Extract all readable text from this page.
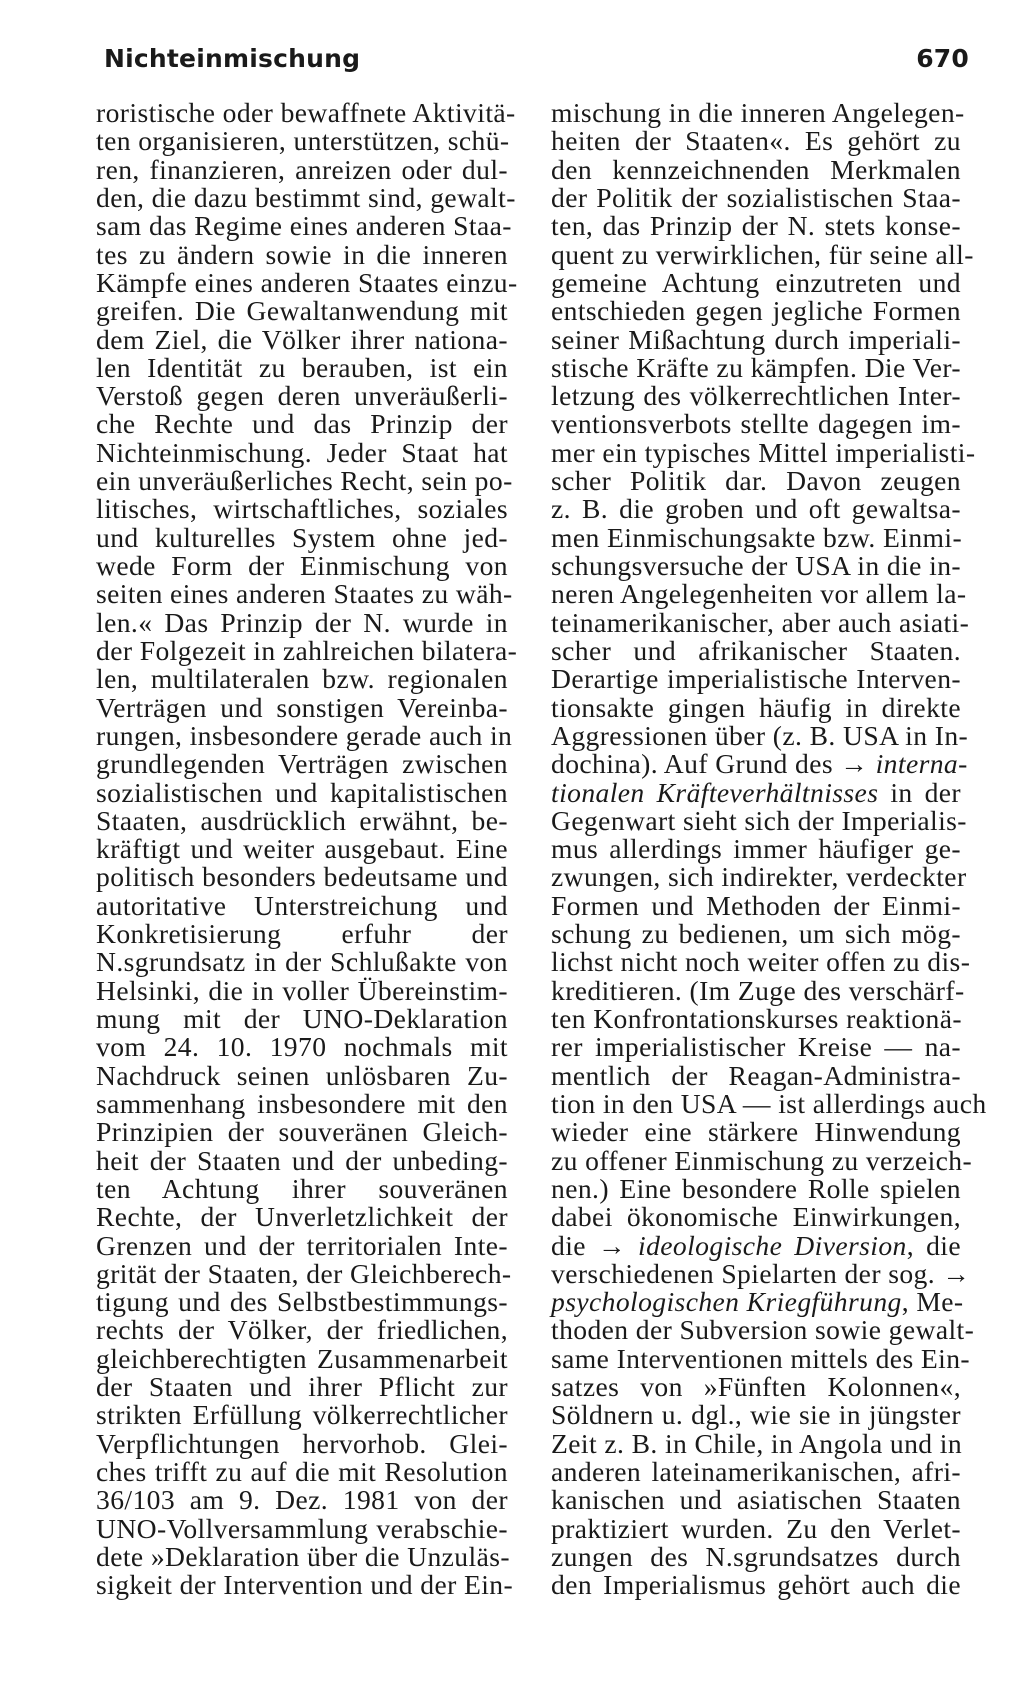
Nichteinmischung	670
roristische oder bewaffnete Aktivitä-
ten organisieren, unterstützen, schü-
ren, finanzieren, anreizen oder dul-
den, die dazu bestimmt sind, gewalt-
sam das Regime eines anderen Staa-
tes zu ändern sowie in die inneren
Kämpfe eines anderen Staates einzu-
greifen. Die Gewaltanwendung mit
dem Ziel, die Völker ihrer nationa-
len Identität zu berauben, ist ein
Verstoß gegen deren unveräußerli-
che Rechte und das Prinzip der
Nichteinmischung. Jeder Staat hat
ein unveräußerliches Recht, sein po-
litisches, wirtschaftliches, soziales
und kulturelles System ohne jed-
wede Form der Einmischung von
seiten eines anderen Staates zu wäh-
len.« Das Prinzip der N. wurde in
der Folgezeit in zahlreichen bilatera-
len, multilateralen bzw. regionalen
Verträgen und sonstigen Vereinba-
rungen, insbesondere gerade auch in
grundlegenden Verträgen zwischen
sozialistischen und kapitalistischen
Staaten, ausdrücklich erwähnt, be-
kräftigt und weiter ausgebaut. Eine
politisch besonders bedeutsame und
autoritative Unterstreichung und
Konkretisierung erfuhr der
N.sgrundsatz in der Schlußakte von
Helsinki, die in voller Übereinstim-
mung mit der UNO-Deklaration
vom 24. 10. 1970 nochmals mit
Nachdruck seinen unlösbaren Zu-
sammenhang insbesondere mit den
Prinzipien der souveränen Gleich-
heit der Staaten und der unbeding-
ten Achtung ihrer souveränen
Rechte, der Unverletzlichkeit der
Grenzen und der territorialen Inte-
grität der Staaten, der Gleichberech-
tigung und des Selbstbestimmungs-
rechts der Völker, der friedlichen,
gleichberechtigten Zusammenarbeit
der Staaten und ihrer Pflicht zur
strikten Erfüllung völkerrechtlicher
Verpflichtungen hervorhob. Glei-
ches trifft zu auf die mit Resolution
36/103 am 9. Dez. 1981 von der
UNO-Vollversammlung verabschie-
dete »Deklaration über die Unzuläs-
sigkeit der Intervention und der Ein-
mischung in die inneren Angelegen-
heiten der Staaten«. Es gehört zu
den kennzeichnenden Merkmalen
der Politik der sozialistischen Staa-
ten, das Prinzip der N. stets konse-
quent zu verwirklichen, für seine all-
gemeine Achtung einzutreten und
entschieden gegen jegliche Formen
seiner Mißachtung durch imperiali-
stische Kräfte zu kämpfen. Die Ver-
letzung des völkerrechtlichen Inter-
ventionsverbots stellte dagegen im-
mer ein typisches Mittel imperialisti-
scher Politik dar. Davon zeugen
z. B. die groben und oft gewaltsa-
men Einmischungsakte bzw. Einmi-
schungsversuche der USA in die in-
neren Angelegenheiten vor allem la-
teinamerikanischer, aber auch asiati-
scher und afrikanischer Staaten.
Derartige imperialistische Interven-
tionsakte gingen häufig in direkte
Aggressionen über (z. B. USA in In-
dochina). Auf Grund des → interna-
tionalen Kräfteverhältnisses in der
Gegenwart sieht sich der Imperialis-
mus allerdings immer häufiger ge-
zwungen, sich indirekter, verdeckter
Formen und Methoden der Einmi-
schung zu bedienen, um sich mög-
lichst nicht noch weiter offen zu dis-
kreditieren. (Im Zuge des verschärf-
ten Konfrontationskurses reaktionä-
rer imperialistischer Kreise — na-
mentlich der Reagan-Administra-
tion in den USA — ist allerdings auch
wieder eine stärkere Hinwendung
zu offener Einmischung zu verzeich-
nen.) Eine besondere Rolle spielen
dabei ökonomische Einwirkungen,
die → ideologische Diversion, die
verschiedenen Spielarten der sog. →
psychologischen Kriegführung, Me-
thoden der Subversion sowie gewalt-
same Interventionen mittels des Ein-
satzes von »Fünften Kolonnen«,
Söldnern u. dgl., wie sie in jüngster
Zeit z. B. in Chile, in Angola und in
anderen lateinamerikanischen, afri-
kanischen und asiatischen Staaten
praktiziert wurden. Zu den Verlet-
zungen des N.sgrundsatzes durch
den Imperialismus gehört auch die
